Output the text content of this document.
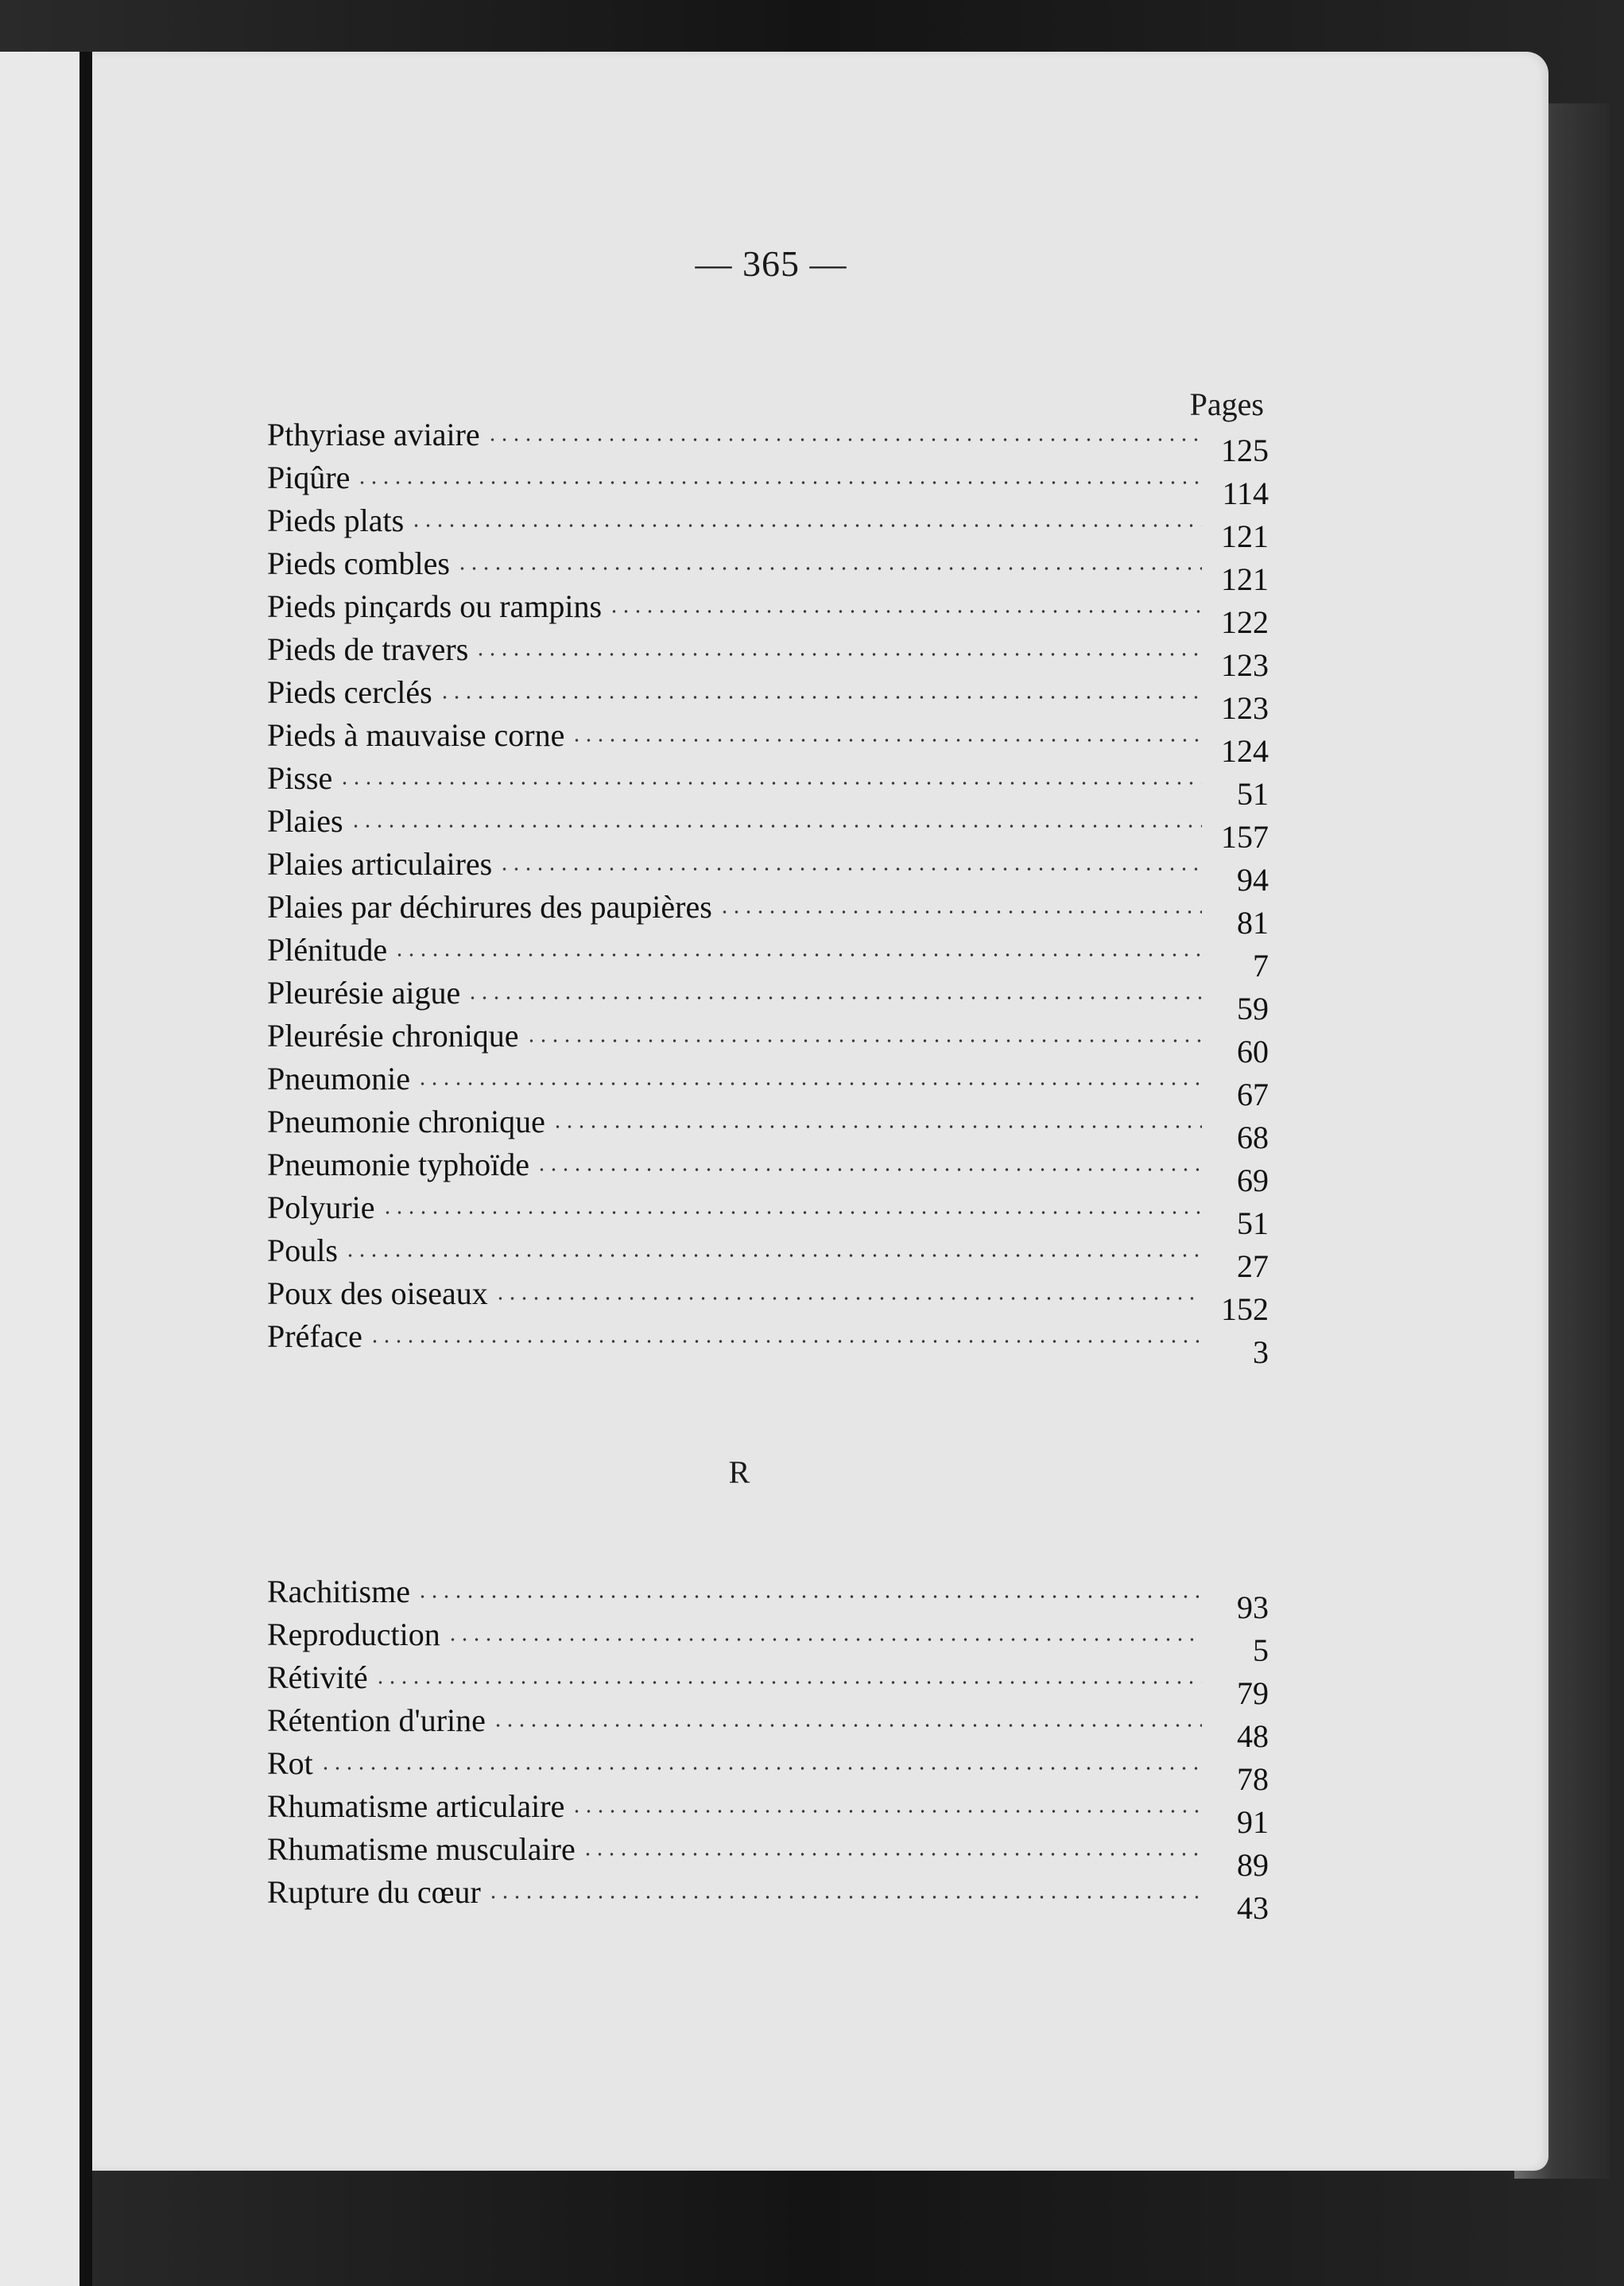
— 365 —
Pages
Pthyriase aviaire	125
Piqûre	114
Pieds plats	121
Pieds combles	121
Pieds pinçards ou rampins	122
Pieds de travers	123
Pieds cerclés	123
Pieds à mauvaise corne	124
Pisse	51
Plaies	157
Plaies articulaires	94
Plaies par déchirures des paupières	81
Plénitude	7
Pleurésie aigue	59
Pleurésie chronique	60
Pneumonie	67
Pneumonie chronique	68
Pneumonie typhoïde	69
Polyurie	51
Pouls	27
Poux des oiseaux	152
Préface	3
R
Rachitisme	93
Reproduction	5
Rétivité	79
Rétention d'urine	48
Rot	78
Rhumatisme articulaire	91
Rhumatisme musculaire	89
Rupture du cœur	43
